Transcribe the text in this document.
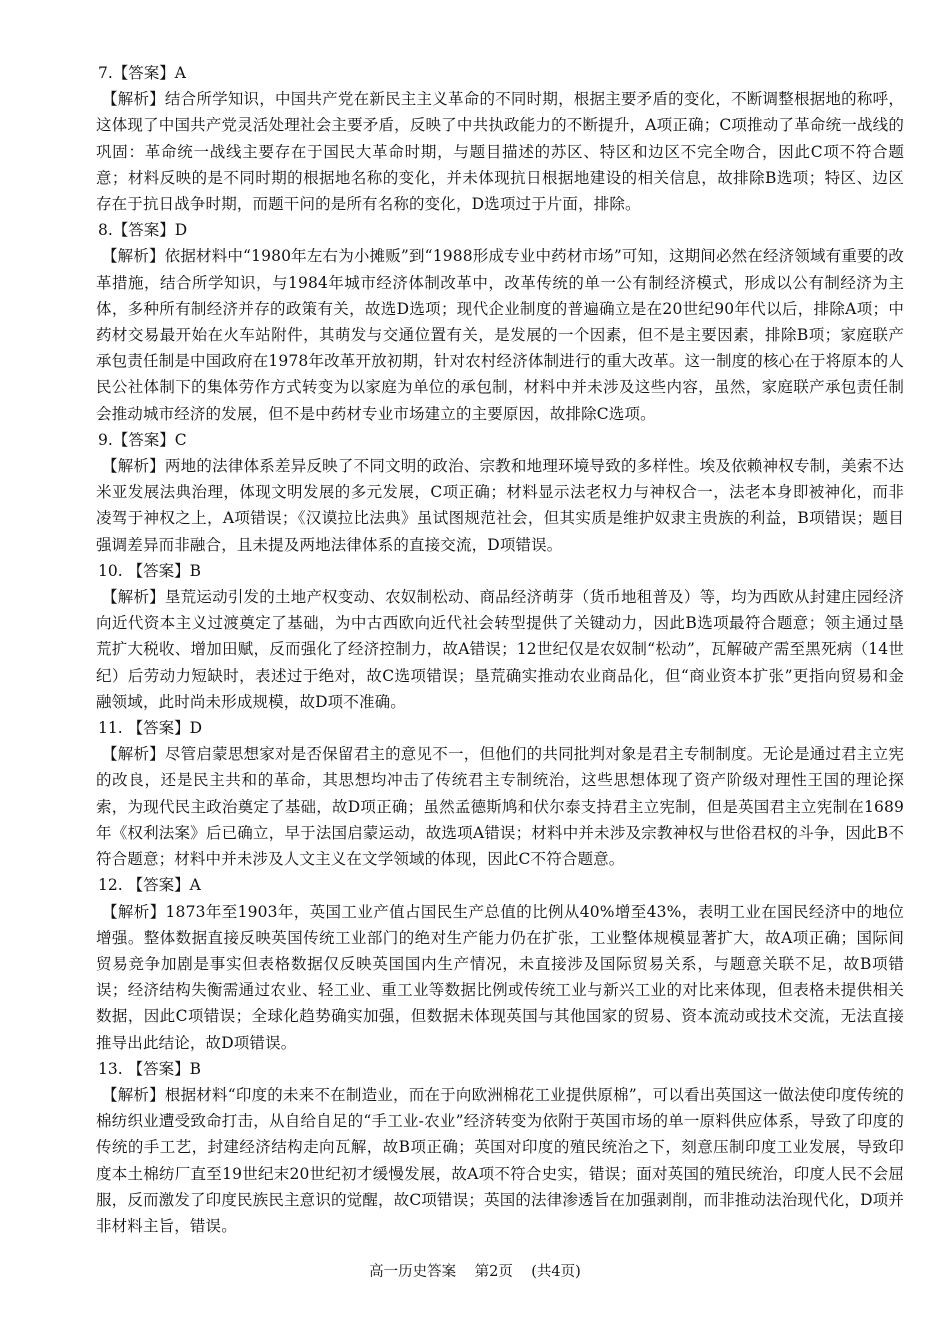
7.【答案】A

【解析】结合所学知识，中国共产党在新民主主义革命的不同时期，根据主要矛盾的变化，不断调整根据地的称呼，这体现了中国共产党灵活处理社会主要矛盾，反映了中共执政能力的不断提升，A项正确；C项推动了革命统一战线的巩固：革命统一战线主要存在于国民大革命时期，与题目描述的苏区、特区和边区不完全吻合，因此C项不符合题意；材料反映的是不同时期的根据地名称的变化，并未体现抗日根据地建设的相关信息，故排除B选项；特区、边区存在于抗日战争时期，而题干问的是所有名称的变化，D选项过于片面，排除。

8.【答案】D

【解析】依据材料中“1980年左右为小摊贩”到“1988形成专业中药材市场”可知，这期间必然在经济领域有重要的改革措施，结合所学知识，与1984年城市经济体制改革中，改革传统的单一公有制经济模式，形成以公有制经济为主体，多种所有制经济并存的政策有关，故选D选项；现代企业制度的普遍确立是在20世纪90年代以后，排除A项；中药材交易最开始在火车站附件，其萌发与交通位置有关，是发展的一个因素，但不是主要因素，排除B项；家庭联产承包责任制是中国政府在1978年改革开放初期，针对农村经济体制进行的重大改革。这一制度的核心在于将原本的人民公社体制下的集体劳作方式转变为以家庭为单位的承包制，材料中并未涉及这些内容，虽然，家庭联产承包责任制会推动城市经济的发展，但不是中药材专业市场建立的主要原因，故排除C选项。

9.【答案】C

【解析】两地的法律体系差异反映了不同文明的政治、宗教和地理环境导致的多样性。埃及依赖神权专制，美索不达米亚发展法典治理，体现文明发展的多元发展，C项正确；材料显示法老权力与神权合一，法老本身即被神化，而非凌驾于神权之上，A项错误；《汉谟拉比法典》虽试图规范社会，但其实质是维护奴隶主贵族的利益，B项错误；题目强调差异而非融合，且未提及两地法律体系的直接交流，D项错误。

10. 【答案】B

【解析】垦荒运动引发的土地产权变动、农奴制松动、商品经济萌芽（货币地租普及）等，均为西欧从封建庄园经济向近代资本主义过渡奠定了基础，为中古西欧向近代社会转型提供了关键动力，因此B选项最符合题意；领主通过垦荒扩大税收、增加田赋，反而强化了经济控制力，故A错误；12世纪仅是农奴制“松动”，瓦解破产需至黑死病（14世纪）后劳动力短缺时，表述过于绝对，故C选项错误；垦荒确实推动农业商品化，但“商业资本扩张”更指向贸易和金融领域，此时尚未形成规模，故D项不准确。

11. 【答案】D

【解析】尽管启蒙思想家对是否保留君主的意见不一，但他们的共同批判对象是君主专制制度。无论是通过君主立宪的改良，还是民主共和的革命，其思想均冲击了传统君主专制统治，这些思想体现了资产阶级对理性王国的理论探索，为现代民主政治奠定了基础，故D项正确；虽然孟德斯鸠和伏尔泰支持君主立宪制，但是英国君主立宪制在1689年《权利法案》后已确立，早于法国启蒙运动，故选项A错误；材料中并未涉及宗教神权与世俗君权的斗争，因此B不符合题意；材料中并未涉及人文主义在文学领域的体现，因此C不符合题意。

12. 【答案】A

【解析】1873年至1903年，英国工业产值占国民生产总值的比例从40%增至43%，表明工业在国民经济中的地位增强。整体数据直接反映英国传统工业部门的绝对生产能力仍在扩张，工业整体规模显著扩大，故A项正确；国际间贸易竞争加剧是事实但表格数据仅反映英国国内生产情况，未直接涉及国际贸易关系，与题意关联不足，故B项错误；经济结构失衡需通过农业、轻工业、重工业等数据比例或传统工业与新兴工业的对比来体现，但表格未提供相关数据，因此C项错误；全球化趋势确实加强，但数据未体现英国与其他国家的贸易、资本流动或技术交流，无法直接推导出此结论，故D项错误。

13. 【答案】B

【解析】根据材料“印度的未来不在制造业，而在于向欧洲棉花工业提供原棉”，可以看出英国这一做法使印度传统的棉纺织业遭受致命打击，从自给自足的“手工业-农业”经济转变为依附于英国市场的单一原料供应体系，导致了印度的传统的手工艺，封建经济结构走向瓦解，故B项正确；英国对印度的殖民统治之下，刻意压制印度工业发展，导致印度本土棉纺厂直至19世纪末20世纪初才缓慢发展，故A项不符合史实，错误；面对英国的殖民统治，印度人民不会屈服，反而激发了印度民族民主意识的觉醒，故C项错误；英国的法律渗透旨在加强剥削，而非推动法治现代化，D项并非材料主旨，错误。

高一历史答案    第2页    (共4页)
